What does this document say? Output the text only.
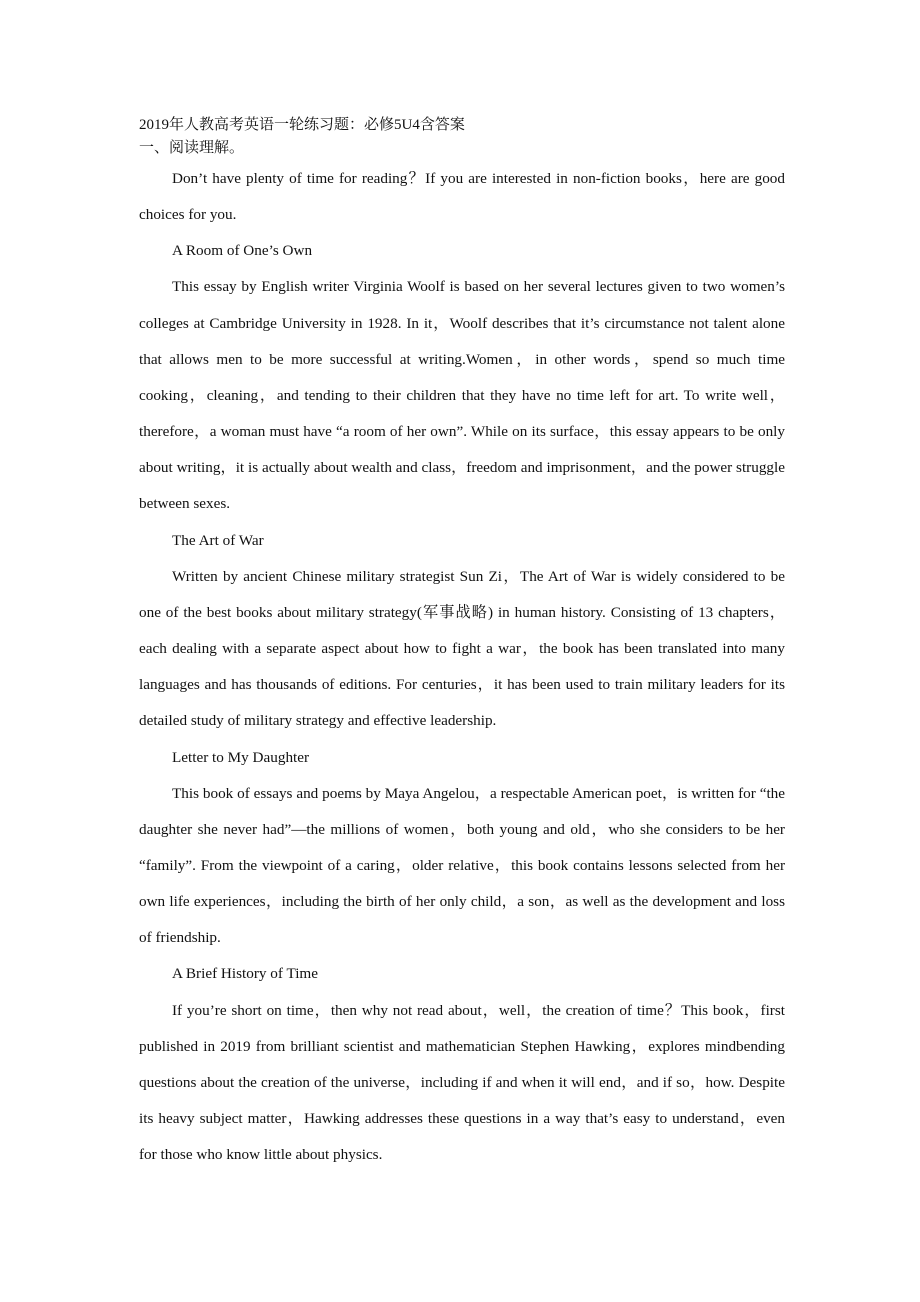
2019年人教高考英语一轮练习题：必修5U4含答案
一、阅读理解。

Don’t have plenty of time for reading？If you are interested in non-fiction books，here are good choices for you.

A Room of One’s Own

This essay by English writer Virginia Woolf is based on her several lectures given to two women’s colleges at Cambridge University in 1928. In it，Woolf describes that it’s circumstance not talent alone that allows men to be more successful at writing.Women，in other words，spend so much time cooking，cleaning，and tending to their children that they have no time left for art. To write well，therefore，a woman must have “a room of her own”. While on its surface，this essay appears to be only about writing，it is actually about wealth and class，freedom and imprisonment，and the power struggle between sexes.

The Art of War

Written by ancient Chinese military strategist Sun Zi，The Art of War is widely considered to be one of the best books about military strategy(军事战略) in human history. Consisting of 13 chapters，each dealing with a separate aspect about how to fight a war，the book has been translated into many languages and has thousands of editions. For centuries，it has been used to train military leaders for its detailed study of military strategy and effective leadership.

Letter to My Daughter

This book of essays and poems by Maya Angelou，a respectable American poet，is written for “the daughter she never had”—the millions of women，both young and old，who she considers to be her “family”. From the viewpoint of a caring，older relative，this book contains lessons selected from her own life experiences，including the birth of her only child，a son，as well as the development and loss of friendship.

A Brief History of Time

If you’re short on time，then why not read about，well，the creation of time？This book，first published in 2019 from brilliant scientist and mathematician Stephen Hawking，explores mindbending questions about the creation of the universe，including if and when it will end，and if so，how. Despite its heavy subject matter，Hawking addresses these questions in a way that’s easy to understand，even for those who know little about physics.
